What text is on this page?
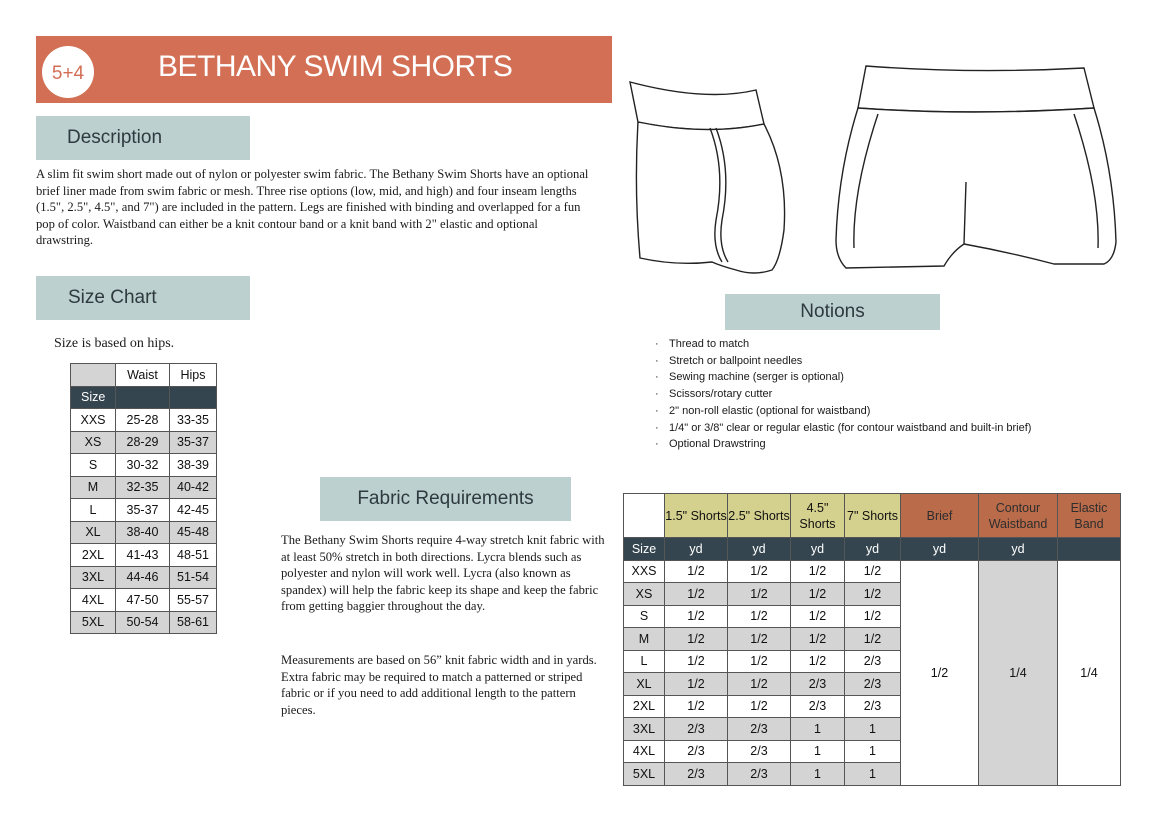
5+4 BETHANY SWIM SHORTS
Description
A slim fit swim short made out of nylon or polyester swim fabric. The Bethany Swim Shorts have an optional brief liner made from swim fabric or mesh. Three rise options (low, mid, and high) and four inseam lengths (1.5", 2.5", 4.5", and 7") are included in the pattern. Legs are finished with binding and overlapped for a fun pop of color. Waistband can either be a knit contour band or a knit band with 2" elastic and optional drawstring.
Size Chart
Size is based on hips.
	Waist	Hips
Size		
XXS	25-28	33-35
XS	28-29	35-37
S	30-32	38-39
M	32-35	40-42
L	35-37	42-45
XL	38-40	45-48
2XL	41-43	48-51
3XL	44-46	51-54
4XL	47-50	55-57
5XL	50-54	58-61
Fabric Requirements
The Bethany Swim Shorts require 4-way stretch knit fabric with at least 50% stretch in both directions. Lycra blends such as polyester and nylon will work well. Lycra (also known as spandex) will help the fabric keep its shape and keep the fabric from getting baggier throughout the day.
Measurements are based on 56” knit fabric width and in yards. Extra fabric may be required to match a patterned or striped fabric or if you need to add additional length to the pattern pieces.
Notions
· Thread to match
· Stretch or ballpoint needles
· Sewing machine (serger is optional)
· Scissors/rotary cutter
· 2" non-roll elastic (optional for waistband)
· 1/4" or 3/8" clear or regular elastic (for contour waistband and built-in brief)
· Optional Drawstring
	1.5" Shorts	2.5" Shorts	4.5" Shorts	7" Shorts	Brief	Contour Waistband	Elastic Band
Size	yd	yd	yd	yd	yd	yd	
XXS	1/2	1/2	1/2	1/2	1/2	1/4	1/4
XS	1/2	1/2	1/2	1/2			
S	1/2	1/2	1/2	1/2			
M	1/2	1/2	1/2	1/2			
L	1/2	1/2	1/2	2/3			
XL	1/2	1/2	2/3	2/3			
2XL	1/2	1/2	2/3	2/3			
3XL	2/3	2/3	1	1			
4XL	2/3	2/3	1	1			
5XL	2/3	2/3	1	1			
